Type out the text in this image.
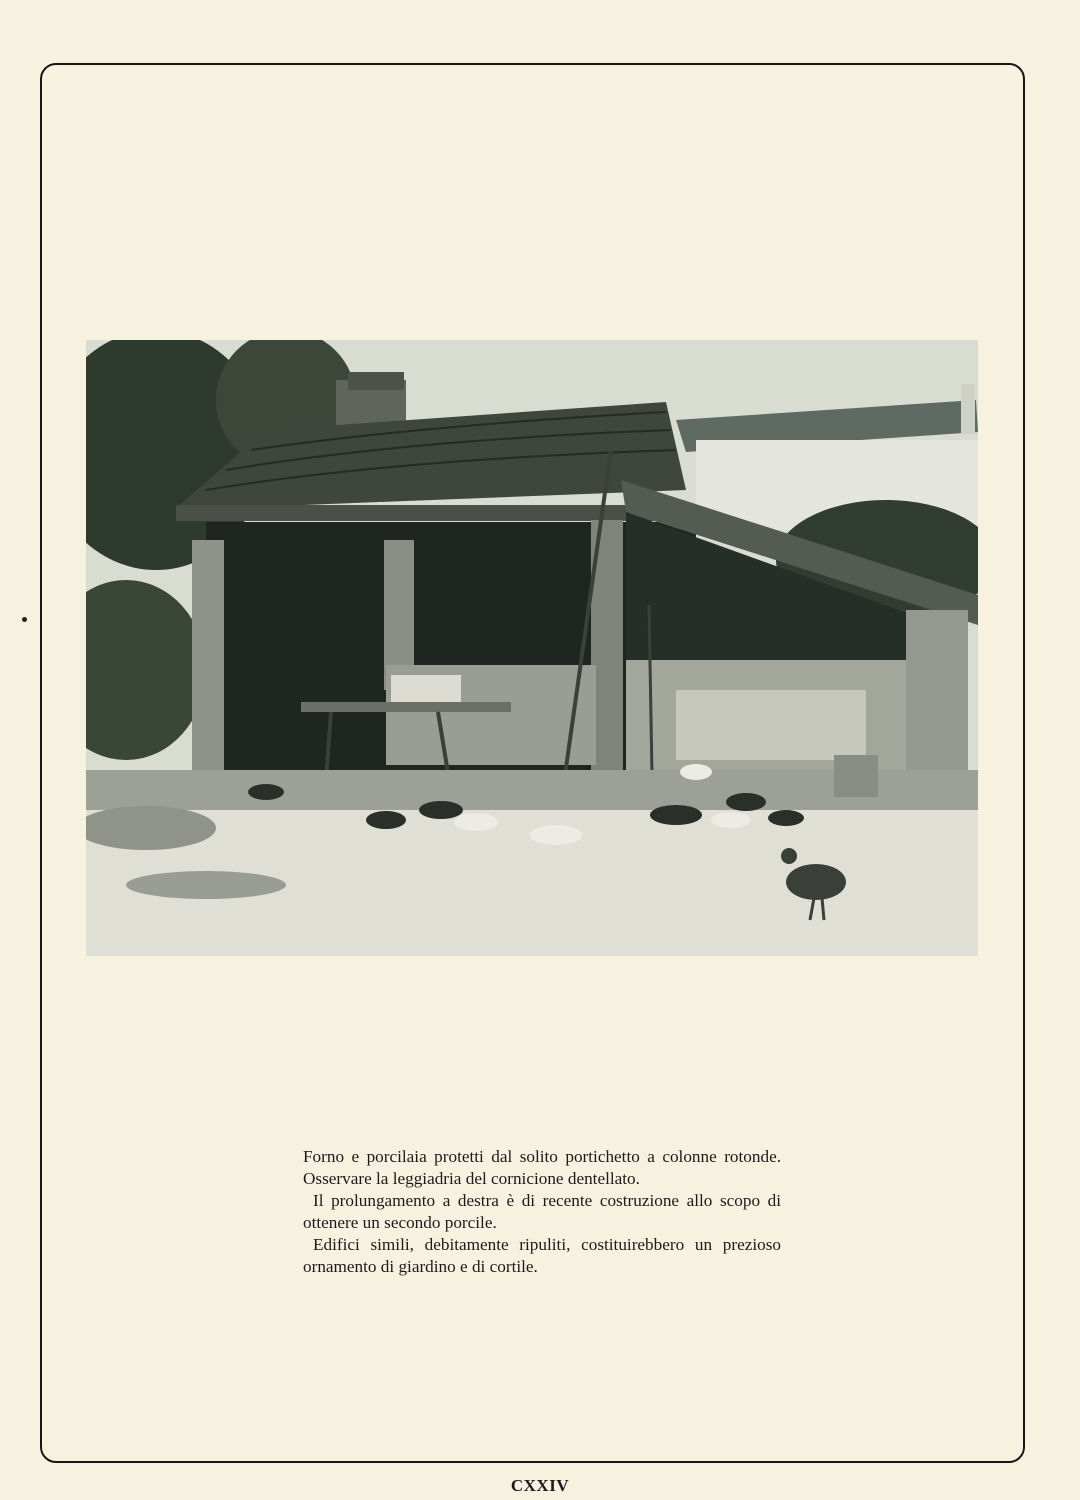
Forno e porcilaia protetti dal solito portichetto a colonne rotonde. Osservare la leggiadria del cornicione dentellato.

Il prolungamento a destra è di recente costruzione allo scopo di ottenere un secondo porcile.

Edifici simili, debitamente ripuliti, costituirebbero un prezioso ornamento di giardino e di cortile.

CXXIV
